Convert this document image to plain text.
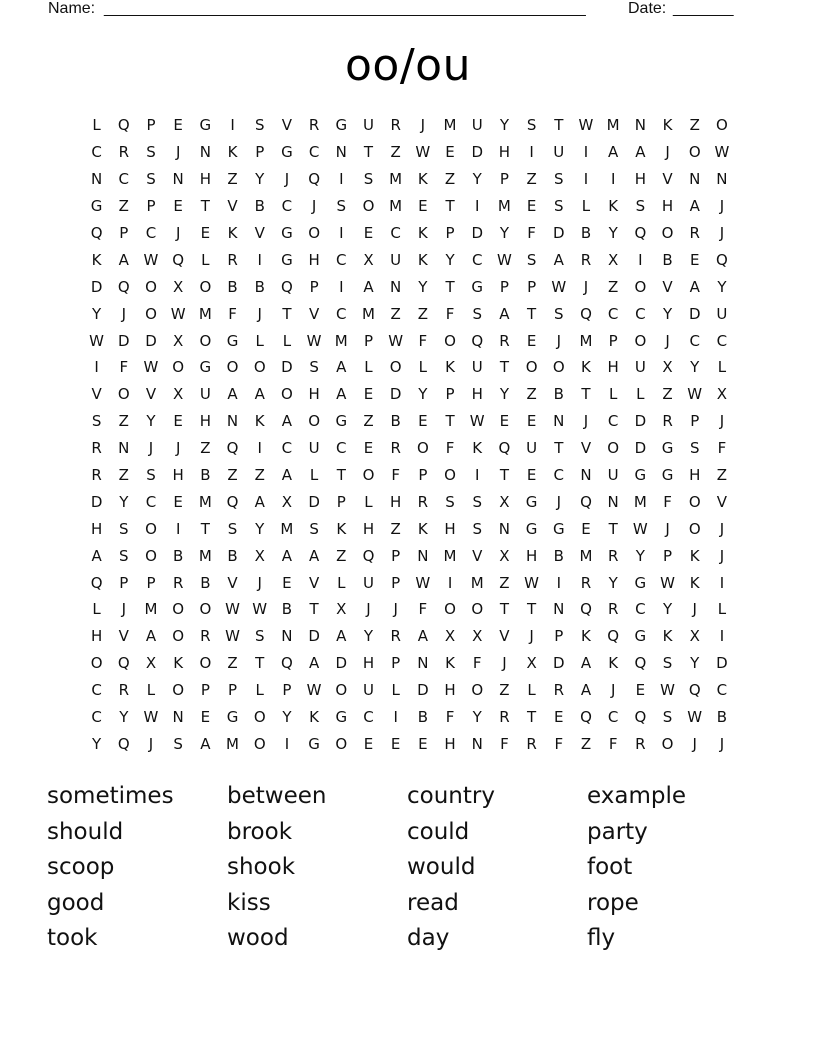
Name: ________________________________________________________	Date: _______
oo/ou
L	Q	P	E	G	I	S	V	R	G	U	R	J	M	U	Y	S	T	W M	N	K	Z	O
C	R	S	J	N	K	P	G	C	N	T	Z W	E	D	H	I	U	I	A	A	J	O W
N	C	S	N	H	Z	Y	J	Q	I	S	M	K	Z	Y	P	Z	S	I	I	H	V	N	N
G	Z	P	E	T	V	B	C	J	S	O M	E	T	I	M	E	S	L	K	S	H	A	J
Q	P	C	J	E	K	V	G	O	I	E	C	K	P	D	Y	F	D	B	Y	Q	O	R	J
K	A W Q	L	R	I	G	H	C	X	U	K	Y	C W	S	A	R	X	I	B	E	Q
D	Q	O	X	O	B	B	Q	P	I	A	N	Y	T	G	P	P	W	J	Z	O	V	A	Y
Y	J	O W M	F	J	T	V	C	M	Z	Z	F	S	A	T	S	Q	C	C	Y	D	U
W D	D	X	O	G	L	L	W M	P	W	F	O	Q	R	E	J	M	P	O	J	C	C
I	F	W O	G	O	O	D	S	A	L	O	L	K	U	T	O	O	K	H	U	X	Y	L
V	O	V	X	U	A	A	O	H	A	E	D	Y	P	H	Y	Z	B	T	L	L	Z W X
S	Z	Y	E	H	N	K	A	O	G	Z	B	E	T	W	E	E	N	J	C	D	R	P	J
R	N	J	J	Z	Q	I	C	U	C	E	R	O	F	K	Q	U	T	V	O	D	G	S	F
R	Z	S	H	B	Z	Z	A	L	T	O	F	P	O	I	T	E	C	N	U	G	G	H	Z
D	Y	C	E	M Q	A	X	D	P	L	H	R	S	S	X	G	J	Q	N	M	F	O	V
H	S	O	I	T	S	Y	M	S	K	H	Z	K	H	S	N	G	G	E	T	W	J	O	J
A	S	O	B	M	B	X	A	A	Z	Q	P	N	M	V	X	H	B	M	R	Y	P	K	J
Q	P	P	R	B	V	J	E	V	L	U	P	W	I	M	Z W	I	R	Y	G W K	I
L	J	M O	O W W B	T	X	J	J	F	O	O	T	T	N	Q	R	C	Y	J	L
H	V	A	O	R W	S	N	D	A	Y	R	A	X	X	V	J	P	K	Q	G	K	X	I
O	Q	X	K	O	Z	T	Q	A	D	H	P	N	K	F	J	X	D	A	K	Q	S	Y	D
C	R	L	O	P	P	L	P	W O	U	L	D	H	O	Z	L	R	A	J	E	W Q	C
C	Y	W N	E	G	O	Y	K	G	C	I	B	F	Y	R	T	E	Q	C	Q	S	W B
Y	Q	J	S	A	M O	I	G	O	E	E	E	H	N	F	R	F	Z	F	R	O	J	J
sometimes	between	country	example
should	brook	could	party
scoop	shook	would	foot
good	kiss	read	rope
took	wood	day	fly
